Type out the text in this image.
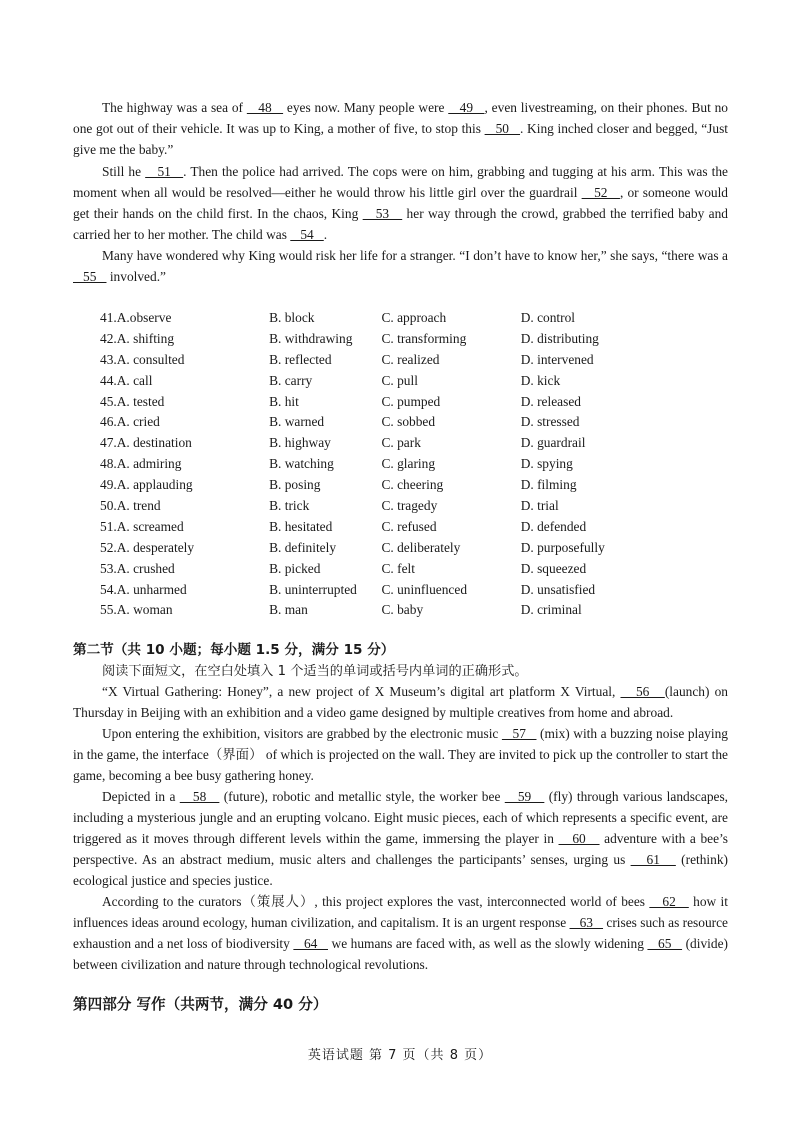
The highway was a sea of    48    eyes now. Many people were    49   , even livestreaming, on their phones. But no one got out of their vehicle. It was up to King, a mother of five, to stop this    50   . King inched closer and begged, “Just give me the baby.”

Still he    51   . Then the police had arrived. The cops were on him, grabbing and tugging at his arm. This was the moment when all would be resolved—either he would throw his little girl over the guardrail    52   , or someone would get their hands on the child first. In the chaos, King    53    her way through the crowd, grabbed the terrified baby and carried her to her mother. The child was    54   .

Many have wondered why King would risk her life for a stranger. “I don’t have to know her,” she says, “there was a    55    involved.”

41.A.observe	B. block	C. approach	D. control
42.A. shifting	B. withdrawing	C. transforming	D. distributing
43.A. consulted	B. reflected	C. realized	D. intervened
44.A. call	B. carry	C. pull	D. kick
45.A. tested	B. hit	C. pumped	D. released
46.A. cried	B. warned	C. sobbed	D. stressed
47.A. destination	B. highway	C. park	D. guardrail
48.A. admiring	B. watching	C. glaring	D. spying
49.A. applauding	B. posing	C. cheering	D. filming
50.A. trend	B. trick	C. tragedy	D. trial
51.A. screamed	B. hesitated	C. refused	D. defended
52.A. desperately	B. definitely	C. deliberately	D. purposefully
53.A. crushed	B. picked	C. felt	D. squeezed
54.A. unharmed	B. uninterrupted	C. uninfluenced	D. unsatisfied
55.A. woman	B. man	C. baby	D. criminal
第二节（共 10 小题；每小题 1.5 分，满分 15 分）
阅读下面短文，在空白处填入 1 个适当的单词或括号内单词的正确形式。

“X Virtual Gathering: Honey”, a new project of X Museum’s digital art platform X Virtual,    56   (launch) on Thursday in Beijing with an exhibition and a video game designed by multiple creatives from home and abroad.

Upon entering the exhibition, visitors are grabbed by the electronic music    57    (mix) with a buzzing noise playing in the game, the interface（界面） of which is projected on the wall. They are invited to pick up the controller to start the game, becoming a bee busy gathering honey.

Depicted in a    58    (future), robotic and metallic style, the worker bee    59    (fly) through various landscapes, including a mysterious jungle and an erupting volcano. Eight music pieces, each of which represents a specific event, are triggered as it moves through different levels within the game, immersing the player in    60    adventure with a bee’s perspective. As an abstract medium, music alters and challenges the participants’ senses, urging us    61    (rethink) ecological justice and species justice.

According to the curators（策展人）, this project explores the vast, interconnected world of bees    62    how it influences ideas around ecology, human civilization, and capitalism. It is an urgent response    63    crises such as resource exhaustion and a net loss of biodiversity    64    we humans are faced with, as well as the slowly widening    65    (divide) between civilization and nature through technological revolutions.

第四部分 写作（共两节，满分 40 分）
英语试题 第 7 页（共 8 页）
